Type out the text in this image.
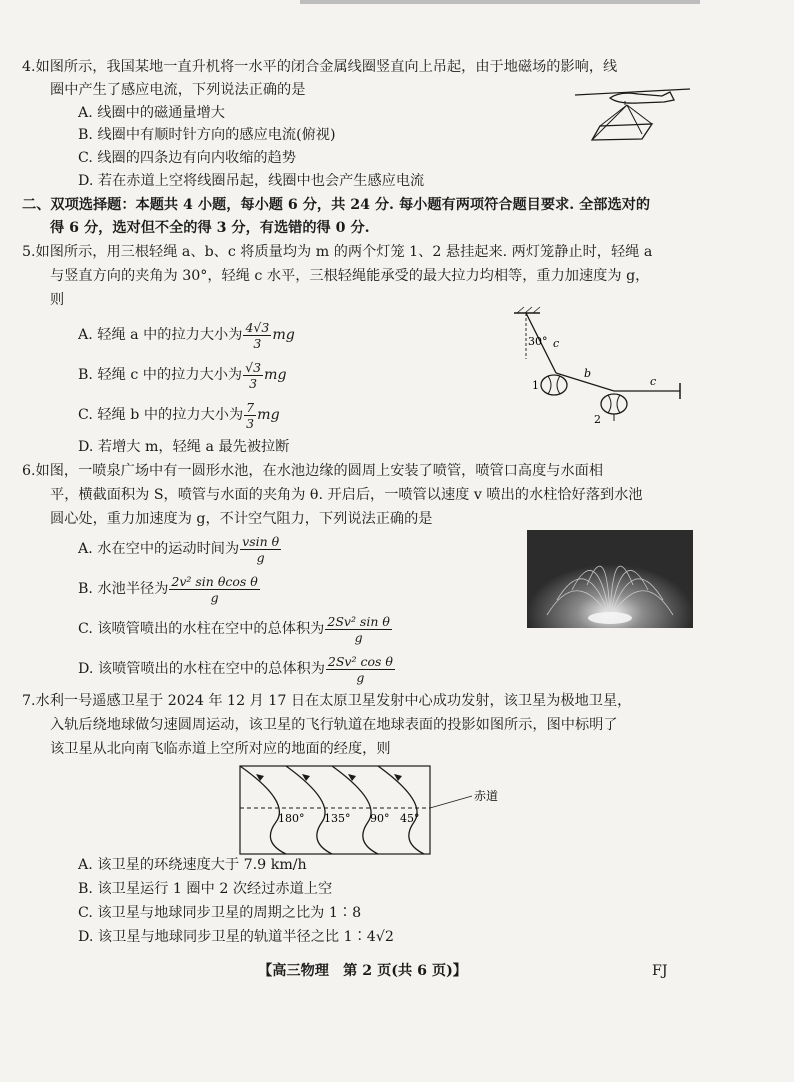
4.如图所示，我国某地一直升机将一水平的闭合金属线圈竖直向上吊起，由于地磁场的影响，线
圈中产生了感应电流，下列说法正确的是
A. 线圈中的磁通量增大
B. 线圈中有顺时针方向的感应电流(俯视)
C. 线圈的四条边有向内收缩的趋势
D. 若在赤道上空将线圈吊起，线圈中也会产生感应电流
二、双项选择题：本题共 4 小题，每小题 6 分，共 24 分. 每小题有两项符合题目要求. 全部选对的
得 6 分，选对但不全的得 3 分，有选错的得 0 分.
5.如图所示，用三根轻绳 a、b、c 将质量均为 m 的两个灯笼 1、2 悬挂起来. 两灯笼静止时，轻绳 a
与竖直方向的夹角为 30°，轻绳 c 水平，三根轻绳能承受的最大拉力均相等，重力加速度为 g，
则
A. 轻绳 a 中的拉力大小为 $\frac{4√3}{3}$ mg
B. 轻绳 c 中的拉力大小为 $\frac{√3}{3}$ mg
C. 轻绳 b 中的拉力大小为 $\frac{7}{3}$ mg
D. 若增大 m，轻绳 a 最先被拉断
30° c
b
c
1
2
6.如图，一喷泉广场中有一圆形水池，在水池边缘的圆周上安装了喷管，喷管口高度与水面相
平，横截面积为 S，喷管与水面的夹角为 θ. 开启后，一喷管以速度 v 喷出的水柱恰好落到水池
圆心处，重力加速度为 g，不计空气阻力，下列说法正确的是
A. 水在空中的运动时间为 $\frac{\text{vsin θ}}{g}$
B. 水池半径为 $\frac{\text{2v² sin θcos θ}}{g}$
C. 该喷管喷出的水柱在空中的总体积为 $\frac{\text{2Sv² sin θ}}{g}$
D. 该喷管喷出的水柱在空中的总体积为 $\frac{\text{2Sv² cos θ}}{g}$
7.水利一号遥感卫星于 2024 年 12 月 17 日在太原卫星发射中心成功发射，该卫星为极地卫星，
入轨后绕地球做匀速圆周运动，该卫星的飞行轨道在地球表面的投影如图所示，图中标明了
该卫星从北向南飞临赤道上空所对应的地面的经度，则
赤道
180° 135° 90° 45°
A. 该卫星的环绕速度大于 7.9 km/h
B. 该卫星运行 1 圈中 2 次经过赤道上空
C. 该卫星与地球同步卫星的周期之比为 1∶8
D. 该卫星与地球同步卫星的轨道半径之比 1∶4√2
【高三物理　第 2 页(共 6 页)】	FJ
